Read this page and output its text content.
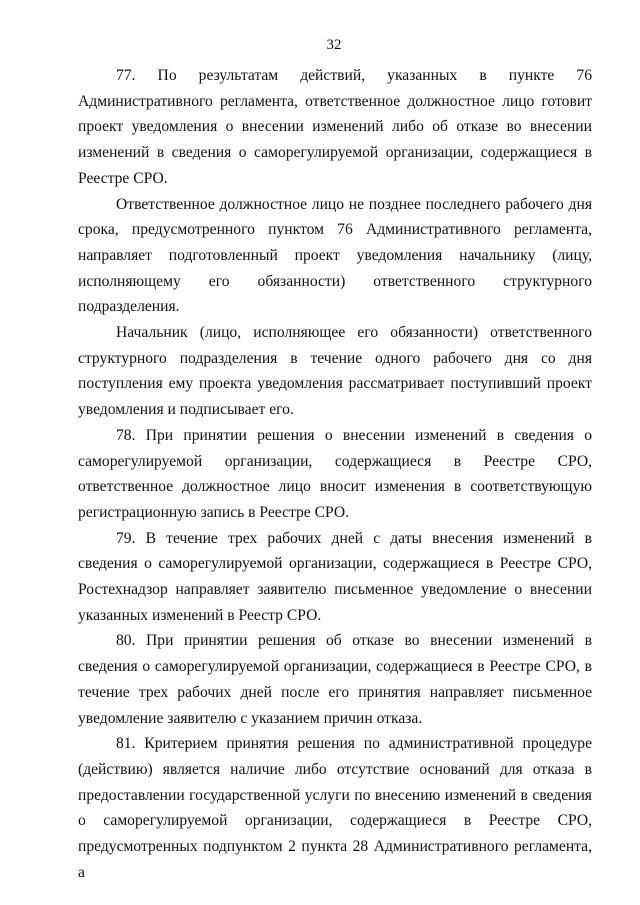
32

77. По результатам действий, указанных в пункте 76 Административного регламента, ответственное должностное лицо готовит проект уведомления о внесении изменений либо об отказе во внесении изменений в сведения о саморегулируемой организации, содержащиеся в Реестре СРО.

Ответственное должностное лицо не позднее последнего рабочего дня срока, предусмотренного пунктом 76 Административного регламента, направляет подготовленный проект уведомления начальнику (лицу, исполняющему его обязанности) ответственного структурного подразделения.

Начальник (лицо, исполняющее его обязанности) ответственного структурного подразделения в течение одного рабочего дня со дня поступления ему проекта уведомления рассматривает поступивший проект уведомления и подписывает его.

78. При принятии решения о внесении изменений в сведения о саморегулируемой организации, содержащиеся в Реестре СРО, ответственное должностное лицо вносит изменения в соответствующую регистрационную запись в Реестре СРО.

79. В течение трех рабочих дней с даты внесения изменений в сведения о саморегулируемой организации, содержащиеся в Реестре СРО, Ростехнадзор направляет заявителю письменное уведомление о внесении указанных изменений в Реестр СРО.

80. При принятии решения об отказе во внесении изменений в сведения о саморегулируемой организации, содержащиеся в Реестре СРО, в течение трех рабочих дней после его принятия направляет письменное уведомление заявителю с указанием причин отказа.

81. Критерием принятия решения по административной процедуре (действию) является наличие либо отсутствие оснований для отказа в предоставлении государственной услуги по внесению изменений в сведения о саморегулируемой организации, содержащиеся в Реестре СРО, предусмотренных подпунктом 2 пункта 28 Административного регламента, а
